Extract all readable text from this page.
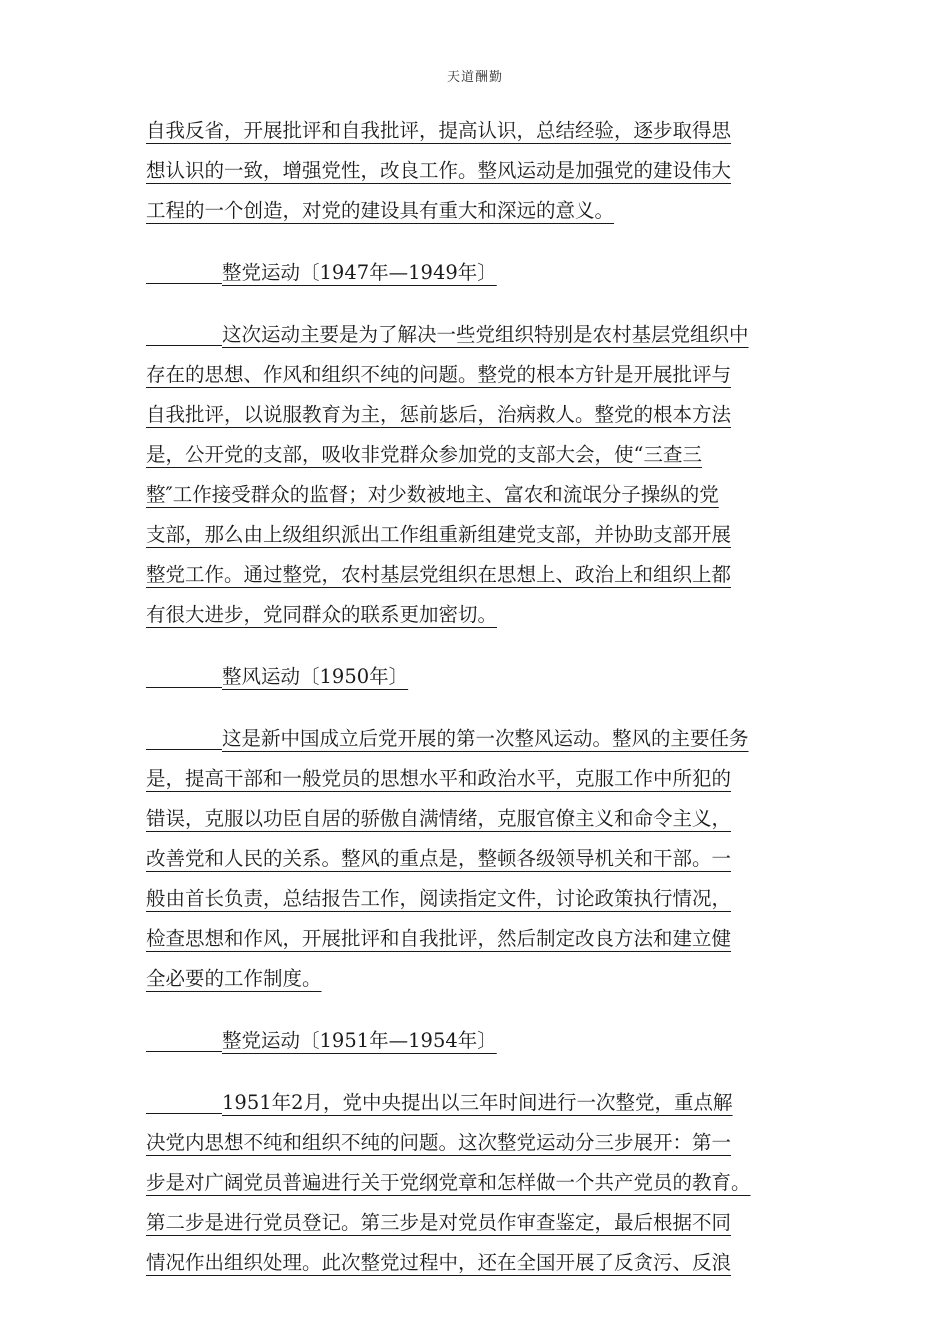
天道酬勤
自我反省，开展批评和自我批评，提高认识，总结经验，逐步取得思
想认识的一致，增强党性，改良工作。整风运动是加强党的建设伟大
工程的一个创造，对党的建设具有重大和深远的意义。
整党运动〔1947年—1949年〕
这次运动主要是为了解决一些党组织特别是农村基层党组织中
存在的思想、作风和组织不纯的问题。整党的根本方针是开展批评与
自我批评，以说服教育为主，惩前毖后，治病救人。整党的根本方法
是，公开党的支部，吸收非党群众参加党的支部大会，使“三查三
整″工作接受群众的监督；对少数被地主、富农和流氓分子操纵的党
支部，那么由上级组织派出工作组重新组建党支部，并协助支部开展
整党工作。通过整党，农村基层党组织在思想上、政治上和组织上都
有很大进步，党同群众的联系更加密切。
整风运动〔1950年〕
这是新中国成立后党开展的第一次整风运动。整风的主要任务
是，提高干部和一般党员的思想水平和政治水平，克服工作中所犯的
错误，克服以功臣自居的骄傲自满情绪，克服官僚主义和命令主义，
改善党和人民的关系。整风的重点是，整顿各级领导机关和干部。一
般由首长负责，总结报告工作，阅读指定文件，讨论政策执行情况，
检查思想和作风，开展批评和自我批评，然后制定改良方法和建立健
全必要的工作制度。
整党运动〔1951年—1954年〕
1951年2月，党中央提出以三年时间进行一次整党，重点解
决党内思想不纯和组织不纯的问题。这次整党运动分三步展开：第一
步是对广阔党员普遍进行关于党纲党章和怎样做一个共产党员的教育。
第二步是进行党员登记。第三步是对党员作审查鉴定，最后根据不同
情况作出组织处理。此次整党过程中，还在全国开展了反贪污、反浪
